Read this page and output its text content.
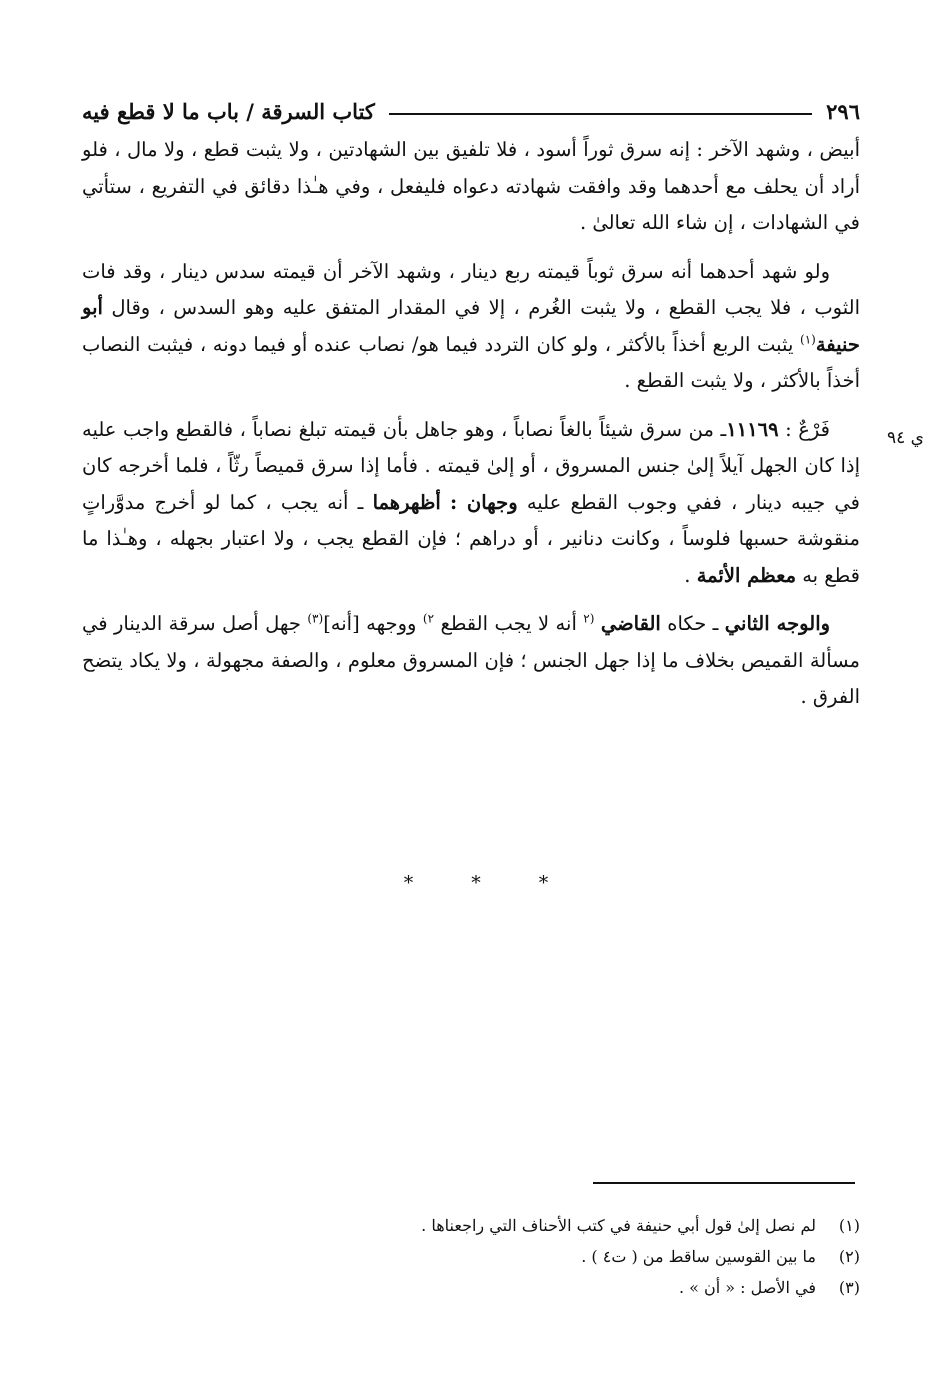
٢٩٦
كتاب السرقة / باب ما لا قطع فيه
ي ٩٤

أبيض ، وشهد الآخر : إنه سرق ثوراً أسود ، فلا تلفيق بين الشهادتين ، ولا يثبت قطع ، ولا مال ، فلو أراد أن يحلف مع أحدهما وقد وافقت شهادته دعواه فليفعل ، وفي هـٰذا دقائق في التفريع ، ستأتي في الشهادات ، إن شاء الله تعالىٰ .

ولو شهد أحدهما أنه سرق ثوباً قيمته ربع دينار ، وشهد الآخر أن قيمته سدس دينار ، وقد فات الثوب ، فلا يجب القطع ، ولا يثبت الغُرم ، إلا في المقدار المتفق عليه وهو السدس ، وقال أبو حنيفة$^{(١)}$ يثبت الربع أخذاً بالأكثر ، ولو كان التردد فيما هو/ نصاب عنده أو فيما دونه ، فيثبت النصاب أخذاً بالأكثر ، ولا يثبت القطع .

فَرْعٌ : ١١١٦٩ـ من سرق شيئاً بالغاً نصاباً ، وهو جاهل بأن قيمته تبلغ نصاباً ، فالقطع واجب عليه إذا كان الجهل آيلاً إلىٰ جنس المسروق ، أو إلىٰ قيمته . فأما إذا سرق قميصاً رثّاً ، فلما أخرجه كان في جيبه دينار ، ففي وجوب القطع عليه وجهان : أظهرهما ـ أنه يجب ، كما لو أخرج مدوَّراتٍ منقوشة حسبها فلوساً ، وكانت دنانير ، أو دراهم ؛ فإن القطع يجب ، ولا اعتبار بجهله ، وهـٰذا ما قطع به معظم الأئمة .

والوجه الثاني ـ حكاه القاضي $^{(٢}$ أنه لا يجب القطع $^{٢)}$ ووجهه [أنه]$^{(٣)}$ جهل أصل سرقة الدينار في مسألة القميص بخلاف ما إذا جهل الجنس ؛ فإن المسروق معلوم ، والصفة مجهولة ، ولا يكاد يتضح الفرق .

* * *
(١)لم نصل إلىٰ قول أبي حنيفة في كتب الأحناف التي راجعناها .
(٢)ما بين القوسين ساقط من ( ت٤ ) .
(٣)في الأصل : « أن » .
